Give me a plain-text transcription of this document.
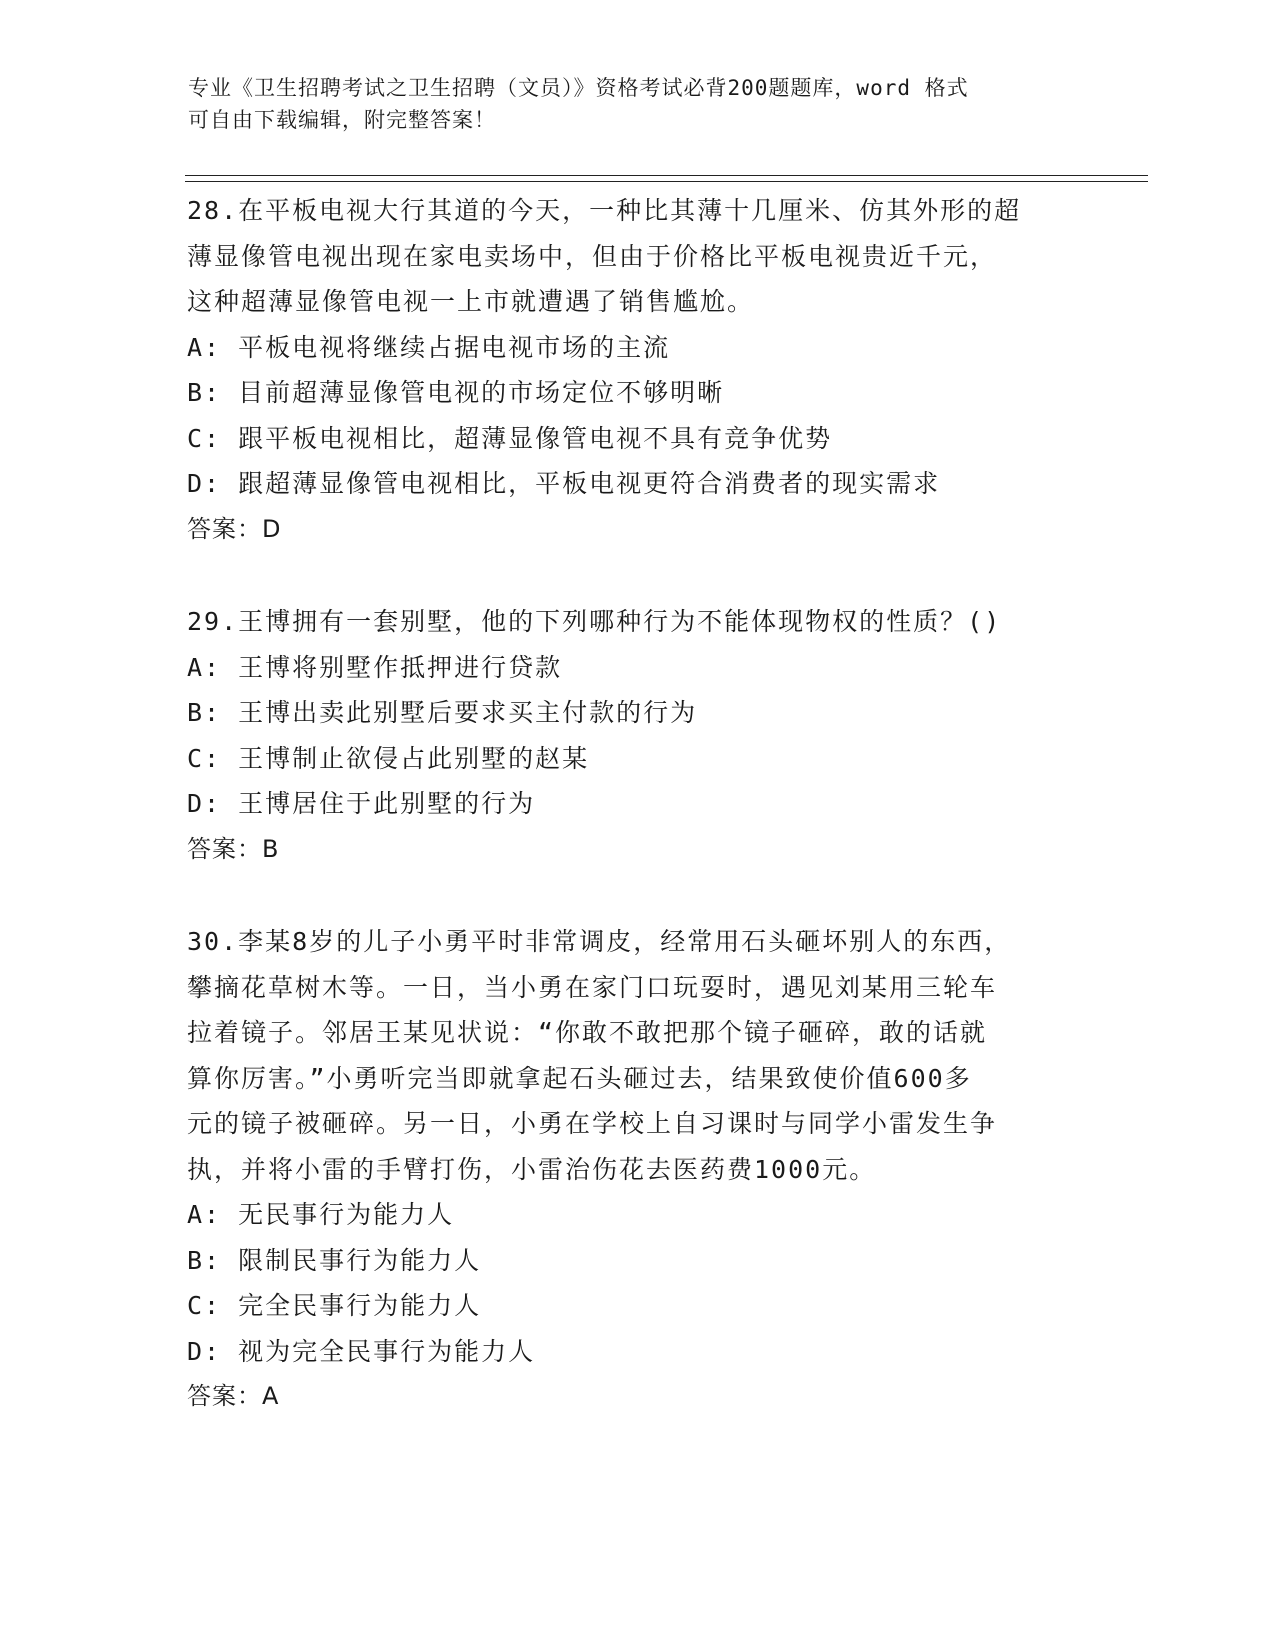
专业《卫生招聘考试之卫生招聘（文员）》资格考试必背200题题库，word 格式
可自由下载编辑，附完整答案！
28.在平板电视大行其道的今天，一种比其薄十几厘米、仿其外形的超
薄显像管电视出现在家电卖场中，但由于价格比平板电视贵近千元，
这种超薄显像管电视一上市就遭遇了销售尴尬。
A: 平板电视将继续占据电视市场的主流
B: 目前超薄显像管电视的市场定位不够明晰
C: 跟平板电视相比，超薄显像管电视不具有竞争优势
D: 跟超薄显像管电视相比，平板电视更符合消费者的现实需求
答案：D
29.王博拥有一套别墅，他的下列哪种行为不能体现物权的性质？()
A: 王博将别墅作抵押进行贷款
B: 王博出卖此别墅后要求买主付款的行为
C: 王博制止欲侵占此别墅的赵某
D: 王博居住于此别墅的行为
答案：B
30.李某8岁的儿子小勇平时非常调皮，经常用石头砸坏别人的东西，
攀摘花草树木等。一日，当小勇在家门口玩耍时，遇见刘某用三轮车
拉着镜子。邻居王某见状说：“你敢不敢把那个镜子砸碎，敢的话就
算你厉害。”小勇听完当即就拿起石头砸过去，结果致使价值600多
元的镜子被砸碎。另一日，小勇在学校上自习课时与同学小雷发生争
执，并将小雷的手臂打伤，小雷治伤花去医药费1000元。
A: 无民事行为能力人
B: 限制民事行为能力人
C: 完全民事行为能力人
D: 视为完全民事行为能力人
答案：A
